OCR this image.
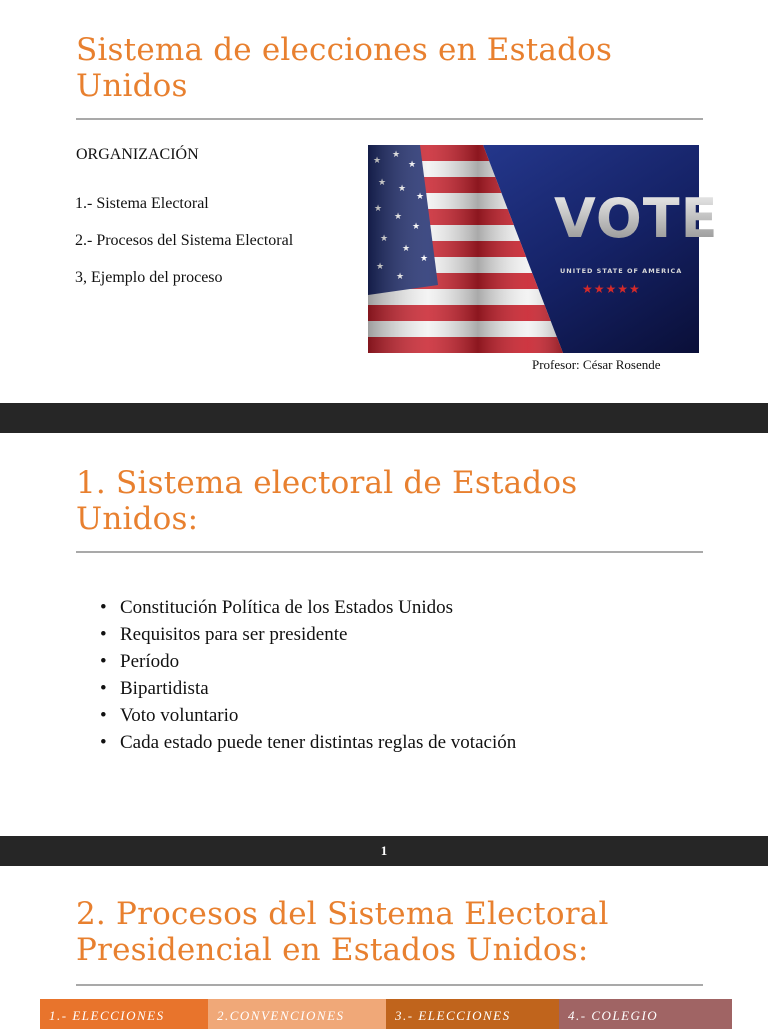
Sistema de elecciones en Estados Unidos
ORGANIZACIÓN
1.- Sistema Electoral
2.- Procesos del Sistema Electoral
3, Ejemplo del proceso
VOTE
UNITED STATE OF AMERICA
★★★★★
Profesor: César Rosende
1. Sistema electoral de Estados Unidos:
• Constitución Política de los Estados Unidos
• Requisitos para ser presidente
• Período
• Bipartidista
• Voto voluntario
• Cada estado puede tener distintas reglas de votación
1
2. Procesos del Sistema Electoral Presidencial en Estados Unidos:
1.- ELECCIONES	2.CONVENCIONES	3.- ELECCIONES	4.- COLEGIO
